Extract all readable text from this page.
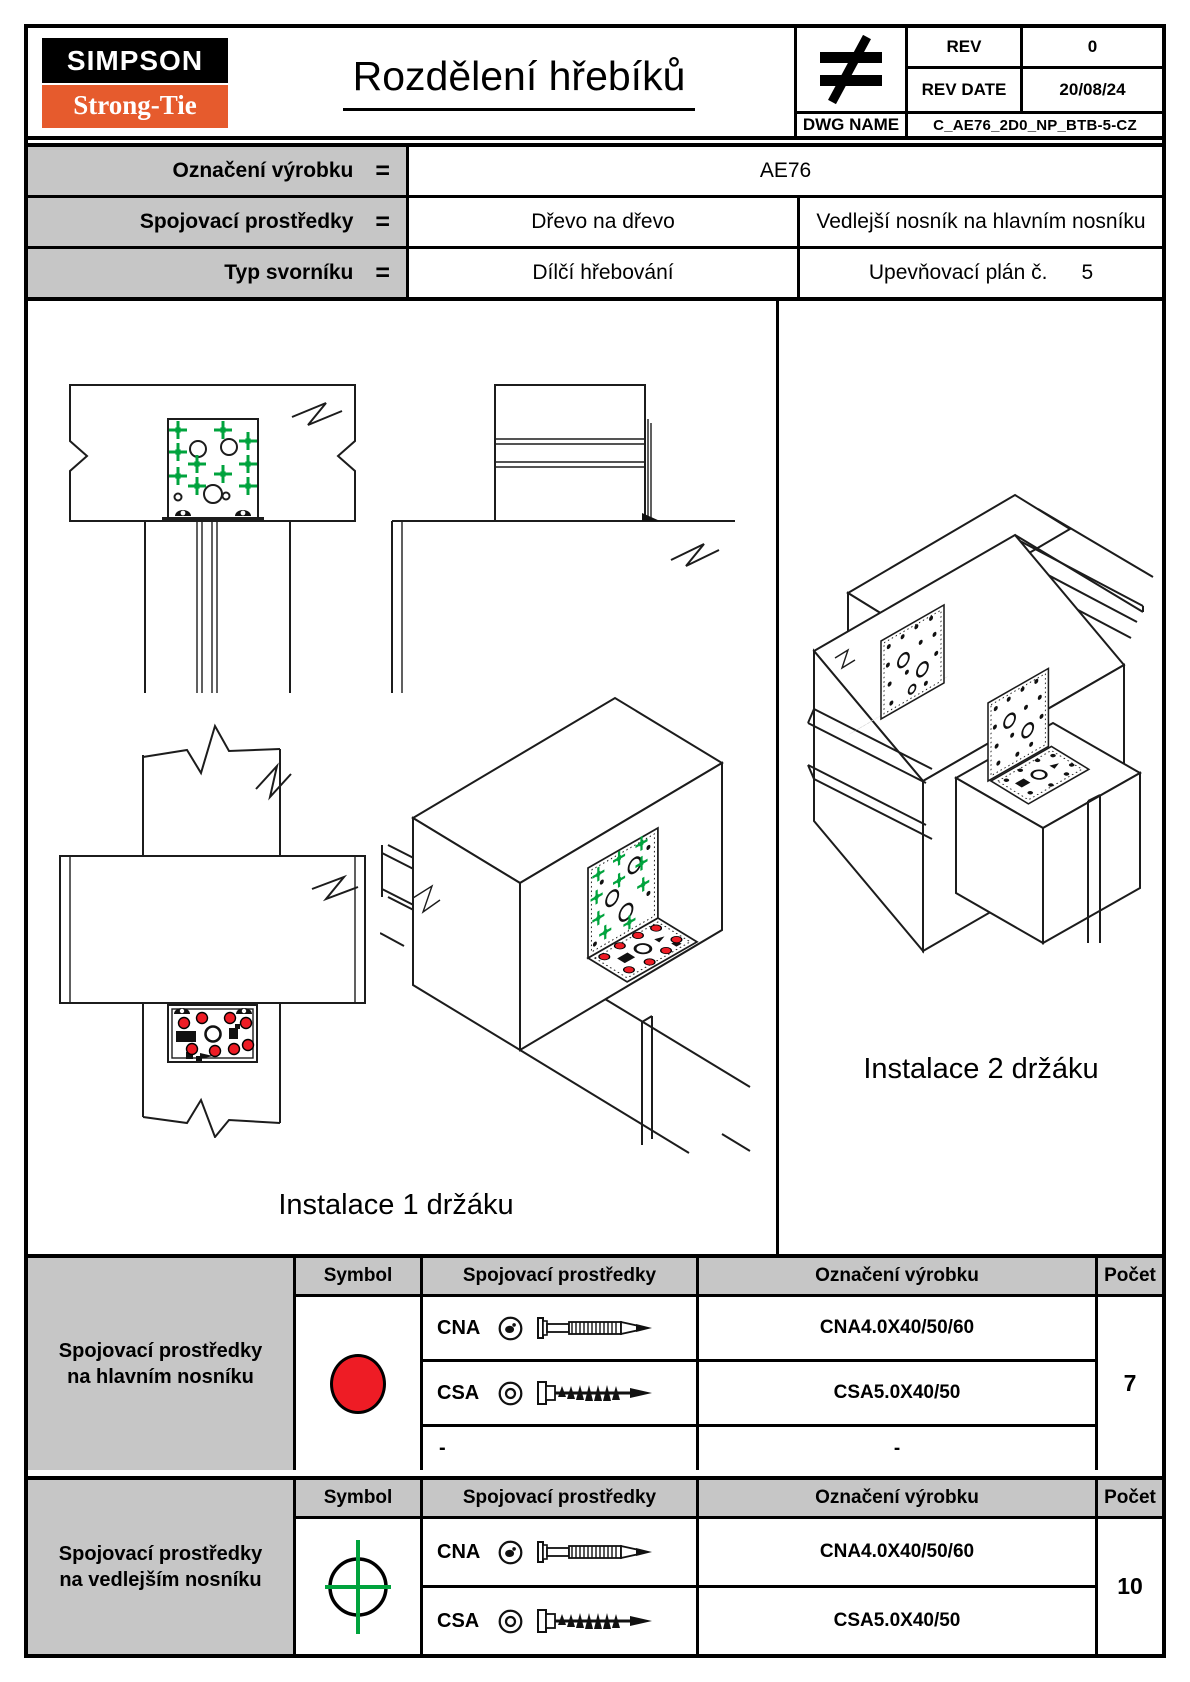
SIMPSON
Strong-Tie
®
Rozdělení hřebíků
REV	0
REV DATE	20/08/24
DWG NAME	C_AE76_2D0_NP_BTB-5-CZ
Označení výrobku =	AE76
Spojovací prostředky =	Dřevo na dřevo	Vedlejší nosník na hlavním nosníku
Typ svorníku =	Dílčí hřebování	Upevňovací plán č. 5
Instalace 1 držáku
Instalace 2 držáku
Spojovací prostředky na hlavním nosníku
Symbol	Spojovací prostředky	Označení výrobku	Počet
CNA	CNA4.0X40/50/60
CSA	CSA5.0X40/50
-	-
7
Spojovací prostředky na vedlejším nosníku
Symbol	Spojovací prostředky	Označení výrobku	Počet
CNA	CNA4.0X40/50/60
CSA	CSA5.0X40/50
10
